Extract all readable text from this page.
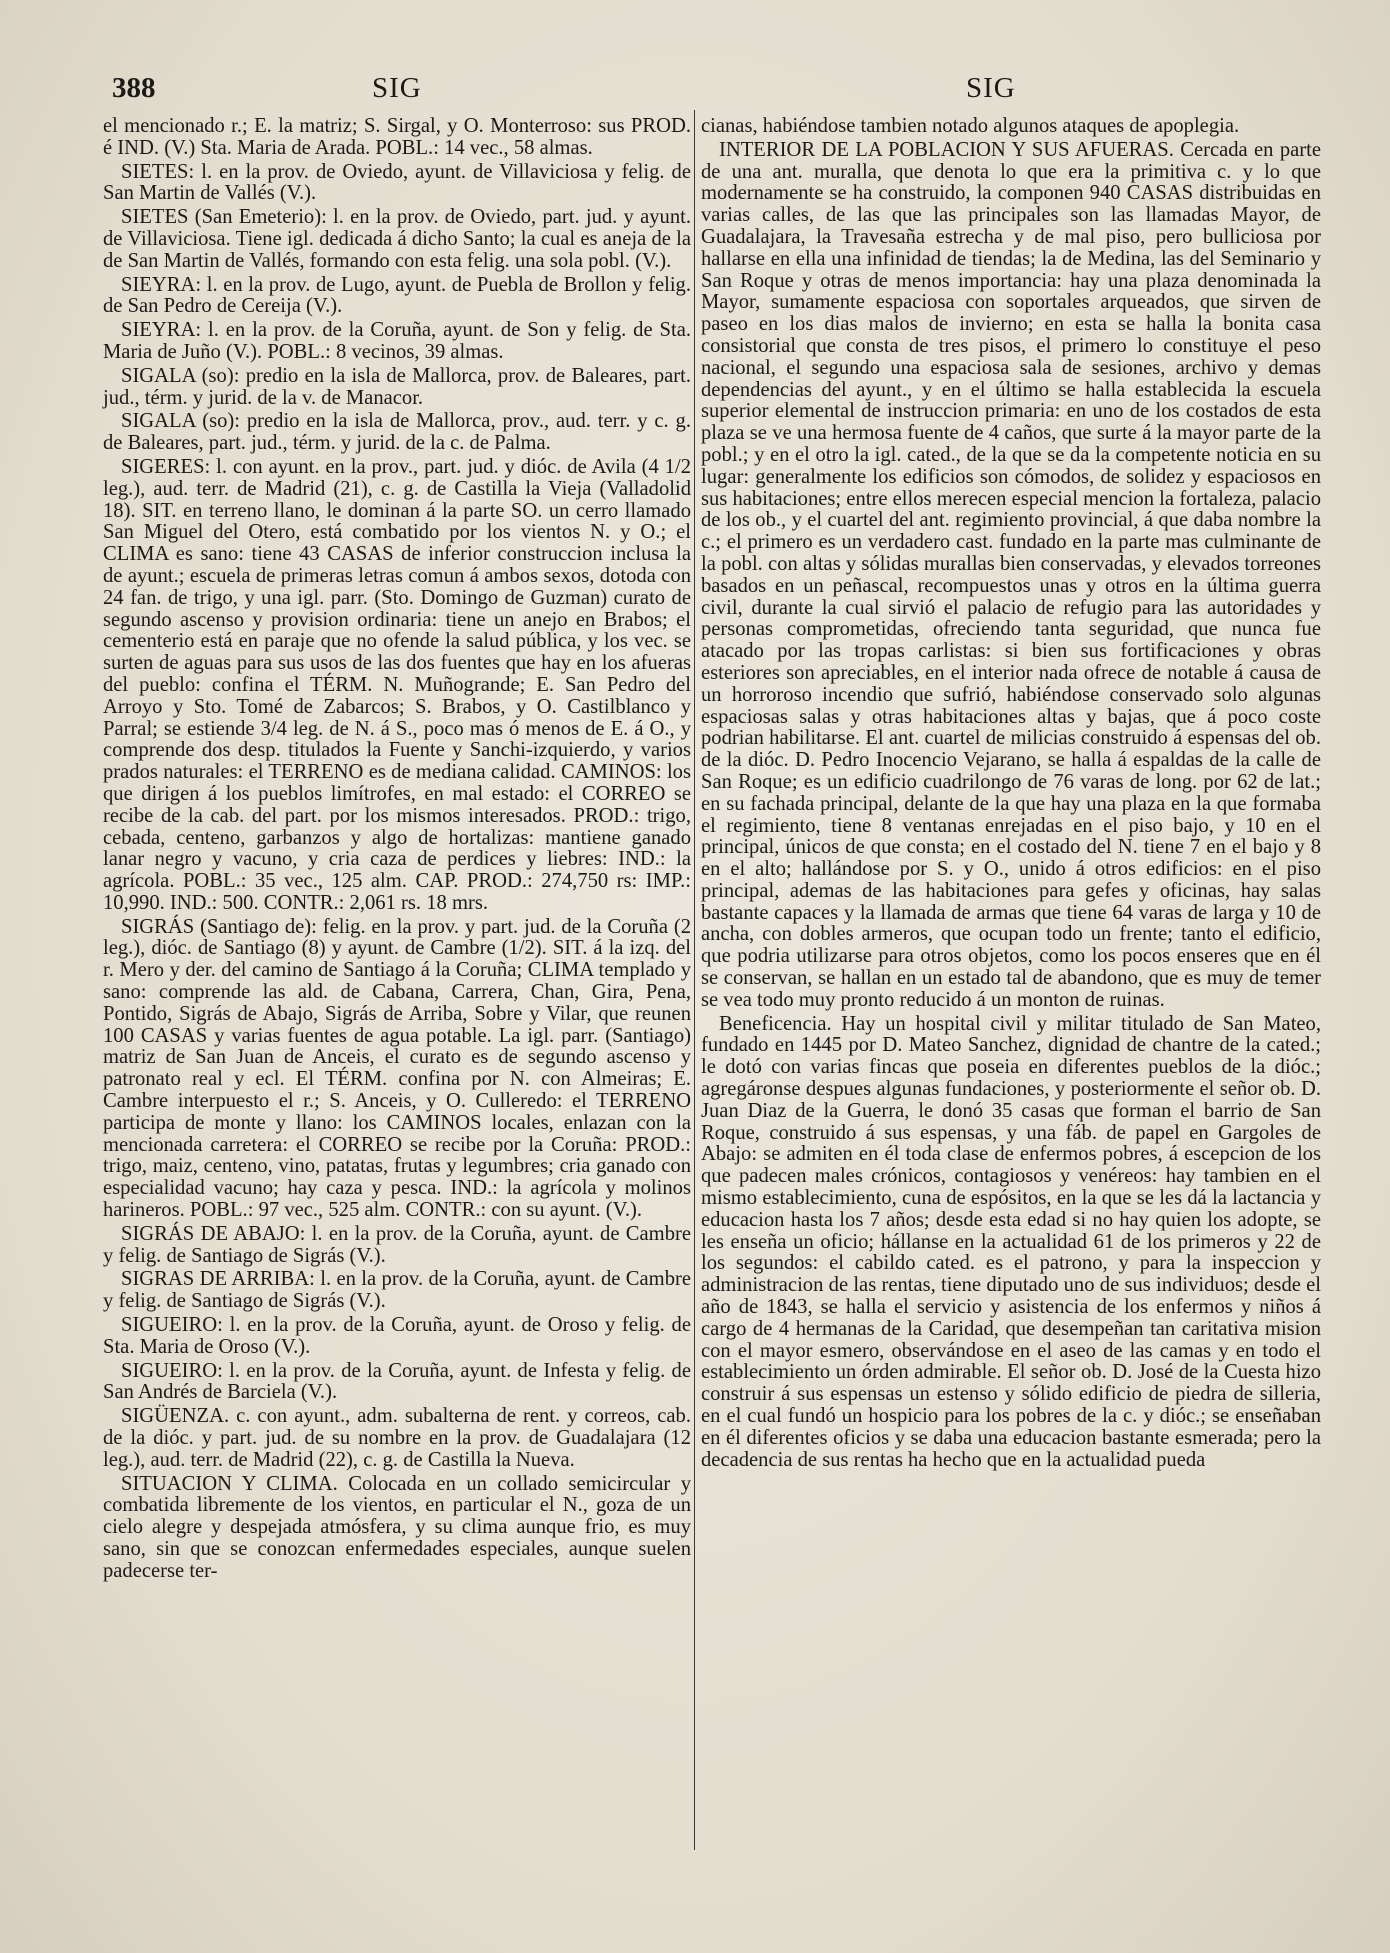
388	SIG	SIG

el mencionado r.; E. la matriz; S. Sirgal, y O. Monterroso: sus PROD. é IND. (V.) Sta. Maria de Arada. POBL.: 14 vec., 58 almas.

SIETES: l. en la prov. de Oviedo, ayunt. de Villaviciosa y felig. de San Martin de Vallés (V.).

SIETES (San Emeterio): l. en la prov. de Oviedo, part. jud. y ayunt. de Villaviciosa. Tiene igl. dedicada á dicho Santo; la cual es aneja de la de San Martin de Vallés, formando con esta felig. una sola pobl. (V.).

SIEYRA: l. en la prov. de Lugo, ayunt. de Puebla de Brollon y felig. de San Pedro de Cereija (V.).

SIEYRA: l. en la prov. de la Coruña, ayunt. de Son y felig. de Sta. Maria de Juño (V.). POBL.: 8 vecinos, 39 almas.

SIGALA (so): predio en la isla de Mallorca, prov. de Baleares, part. jud., térm. y jurid. de la v. de Manacor.

SIGALA (so): predio en la isla de Mallorca, prov., aud. terr. y c. g. de Baleares, part. jud., térm. y jurid. de la c. de Palma.

SIGERES: l. con ayunt. en la prov., part. jud. y dióc. de Avila (4 1/2 leg.), aud. terr. de Madrid (21), c. g. de Castilla la Vieja (Valladolid 18). SIT. en terreno llano, le dominan á la parte SO. un cerro llamado San Miguel del Otero, está combatido por los vientos N. y O.; el CLIMA es sano: tiene 43 CASAS de inferior construccion inclusa la de ayunt.; escuela de primeras letras comun á ambos sexos, dotoda con 24 fan. de trigo, y una igl. parr. (Sto. Domingo de Guzman) curato de segundo ascenso y provision ordinaria: tiene un anejo en Brabos; el cementerio está en paraje que no ofende la salud pública, y los vec. se surten de aguas para sus usos de las dos fuentes que hay en los afueras del pueblo: confina el TÉRM. N. Muñogrande; E. San Pedro del Arroyo y Sto. Tomé de Zabarcos; S. Brabos, y O. Castilblanco y Parral; se estiende 3/4 leg. de N. á S., poco mas ó menos de E. á O., y comprende dos desp. titulados la Fuente y Sanchi-izquierdo, y varios prados naturales: el TERRENO es de mediana calidad. CAMINOS: los que dirigen á los pueblos limítrofes, en mal estado: el CORREO se recibe de la cab. del part. por los mismos interesados. PROD.: trigo, cebada, centeno, garbanzos y algo de hortalizas: mantiene ganado lanar negro y vacuno, y cria caza de perdices y liebres: IND.: la agrícola. POBL.: 35 vec., 125 alm. CAP. PROD.: 274,750 rs: IMP.: 10,990. IND.: 500. CONTR.: 2,061 rs. 18 mrs.

SIGRÁS (Santiago de): felig. en la prov. y part. jud. de la Coruña (2 leg.), dióc. de Santiago (8) y ayunt. de Cambre (1/2). SIT. á la izq. del r. Mero y der. del camino de Santiago á la Coruña; CLIMA templado y sano: comprende las ald. de Cabana, Carrera, Chan, Gira, Pena, Pontido, Sigrás de Abajo, Sigrás de Arriba, Sobre y Vilar, que reunen 100 CASAS y varias fuentes de agua potable. La igl. parr. (Santiago) matriz de San Juan de Anceis, el curato es de segundo ascenso y patronato real y ecl. El TÉRM. confina por N. con Almeiras; E. Cambre interpuesto el r.; S. Anceis, y O. Culleredo: el TERRENO participa de monte y llano: los CAMINOS locales, enlazan con la mencionada carretera: el CORREO se recibe por la Coruña: PROD.: trigo, maiz, centeno, vino, patatas, frutas y legumbres; cria ganado con especialidad vacuno; hay caza y pesca. IND.: la agrícola y molinos harineros. POBL.: 97 vec., 525 alm. CONTR.: con su ayunt. (V.).

SIGRÁS DE ABAJO: l. en la prov. de la Coruña, ayunt. de Cambre y felig. de Santiago de Sigrás (V.).

SIGRAS DE ARRIBA: l. en la prov. de la Coruña, ayunt. de Cambre y felig. de Santiago de Sigrás (V.).

SIGUEIRO: l. en la prov. de la Coruña, ayunt. de Oroso y felig. de Sta. Maria de Oroso (V.).

SIGUEIRO: l. en la prov. de la Coruña, ayunt. de Infesta y felig. de San Andrés de Barciela (V.).

SIGÜENZA. c. con ayunt., adm. subalterna de rent. y correos, cab. de la dióc. y part. jud. de su nombre en la prov. de Guadalajara (12 leg.), aud. terr. de Madrid (22), c. g. de Castilla la Nueva.

SITUACION Y CLIMA. Colocada en un collado semicircular y combatida libremente de los vientos, en particular el N., goza de un cielo alegre y despejada atmósfera, y su clima aunque frio, es muy sano, sin que se conozcan enfermedades especiales, aunque suelen padecerse ter-

cianas, habiéndose tambien notado algunos ataques de apoplegia.

INTERIOR DE LA POBLACION Y SUS AFUERAS. Cercada en parte de una ant. muralla, que denota lo que era la primitiva c. y lo que modernamente se ha construido, la componen 940 CASAS distribuidas en varias calles, de las que las principales son las llamadas Mayor, de Guadalajara, la Travesaña estrecha y de mal piso, pero bulliciosa por hallarse en ella una infinidad de tiendas; la de Medina, las del Seminario y San Roque y otras de menos importancia: hay una plaza denominada la Mayor, sumamente espaciosa con soportales arqueados, que sirven de paseo en los dias malos de invierno; en esta se halla la bonita casa consistorial que consta de tres pisos, el primero lo constituye el peso nacional, el segundo una espaciosa sala de sesiones, archivo y demas dependencias del ayunt., y en el último se halla establecida la escuela superior elemental de instruccion primaria: en uno de los costados de esta plaza se ve una hermosa fuente de 4 caños, que surte á la mayor parte de la pobl.; y en el otro la igl. cated., de la que se da la competente noticia en su lugar: generalmente los edificios son cómodos, de solidez y espaciosos en sus habitaciones; entre ellos merecen especial mencion la fortaleza, palacio de los ob., y el cuartel del ant. regimiento provincial, á que daba nombre la c.; el primero es un verdadero cast. fundado en la parte mas culminante de la pobl. con altas y sólidas murallas bien conservadas, y elevados torreones basados en un peñascal, recompuestos unas y otros en la última guerra civil, durante la cual sirvió el palacio de refugio para las autoridades y personas comprometidas, ofreciendo tanta seguridad, que nunca fue atacado por las tropas carlistas: si bien sus fortificaciones y obras esteriores son apreciables, en el interior nada ofrece de notable á causa de un horroroso incendio que sufrió, habiéndose conservado solo algunas espaciosas salas y otras habitaciones altas y bajas, que á poco coste podrian habilitarse. El ant. cuartel de milicias construido á espensas del ob. de la dióc. D. Pedro Inocencio Vejarano, se halla á espaldas de la calle de San Roque; es un edificio cuadrilongo de 76 varas de long. por 62 de lat.; en su fachada principal, delante de la que hay una plaza en la que formaba el regimiento, tiene 8 ventanas enrejadas en el piso bajo, y 10 en el principal, únicos de que consta; en el costado del N. tiene 7 en el bajo y 8 en el alto; hallándose por S. y O., unido á otros edificios: en el piso principal, ademas de las habitaciones para gefes y oficinas, hay salas bastante capaces y la llamada de armas que tiene 64 varas de larga y 10 de ancha, con dobles armeros, que ocupan todo un frente; tanto el edificio, que podria utilizarse para otros objetos, como los pocos enseres que en él se conservan, se hallan en un estado tal de abandono, que es muy de temer se vea todo muy pronto reducido á un monton de ruinas.

Beneficencia. Hay un hospital civil y militar titulado de San Mateo, fundado en 1445 por D. Mateo Sanchez, dignidad de chantre de la cated.; le dotó con varias fincas que poseia en diferentes pueblos de la dióc.; agregáronse despues algunas fundaciones, y posteriormente el señor ob. D. Juan Diaz de la Guerra, le donó 35 casas que forman el barrio de San Roque, construido á sus espensas, y una fáb. de papel en Gargoles de Abajo: se admiten en él toda clase de enfermos pobres, á escepcion de los que padecen males crónicos, contagiosos y venéreos: hay tambien en el mismo establecimiento, cuna de espósitos, en la que se les dá la lactancia y educacion hasta los 7 años; desde esta edad si no hay quien los adopte, se les enseña un oficio; hállanse en la actualidad 61 de los primeros y 22 de los segundos: el cabildo cated. es el patrono, y para la inspeccion y administracion de las rentas, tiene diputado uno de sus individuos; desde el año de 1843, se halla el servicio y asistencia de los enfermos y niños á cargo de 4 hermanas de la Caridad, que desempeñan tan caritativa mision con el mayor esmero, observándose en el aseo de las camas y en todo el establecimiento un órden admirable. El señor ob. D. José de la Cuesta hizo construir á sus espensas un estenso y sólido edificio de piedra de silleria, en el cual fundó un hospicio para los pobres de la c. y dióc.; se enseñaban en él diferentes oficios y se daba una educacion bastante esmerada; pero la decadencia de sus rentas ha hecho que en la actualidad pueda
